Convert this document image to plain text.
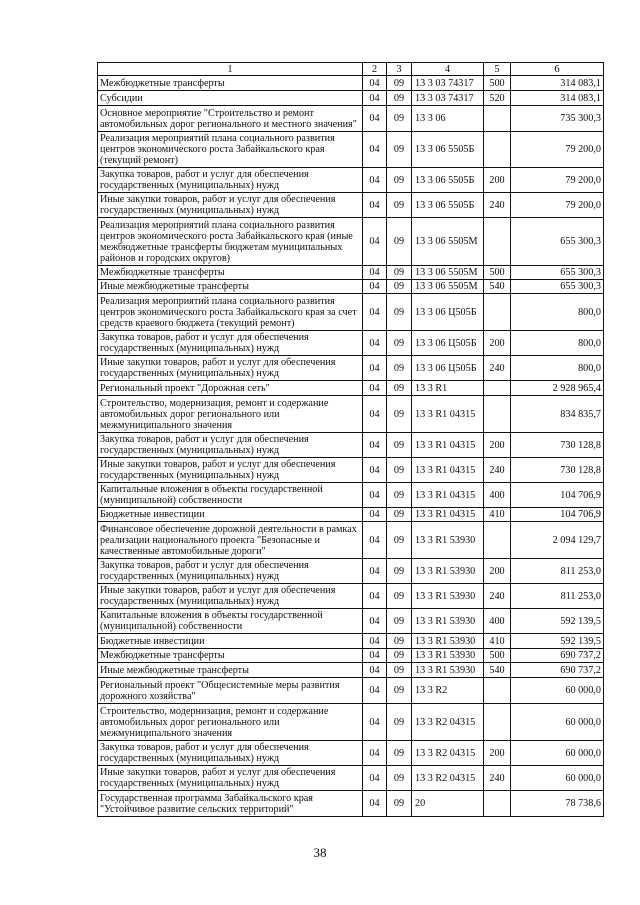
1	2	3	4	5	6
Межбюджетные трансферты	04	09	13 3 03 74317	500	314 083,1
Субсидии	04	09	13 3 03 74317	520	314 083,1
Основное мероприятие "Строительство и ремонт автомобильных дорог регионального и местного значения"	04	09	13 3 06		735 300,3
Реализация мероприятий плана социального развития центров экономического роста Забайкальского края (текущий ремонт)	04	09	13 3 06 5505Б		79 200,0
Закупка товаров, работ и услуг для обеспечения государственных (муниципальных) нужд	04	09	13 3 06 5505Б	200	79 200,0
Иные закупки товаров, работ и услуг для обеспечения государственных (муниципальных) нужд	04	09	13 3 06 5505Б	240	79 200,0
Реализация мероприятий плана социального развития центров экономического роста Забайкальского края (иные межбюджетные трансферты бюджетам муниципальных районов и городских округов)	04	09	13 3 06 5505М		655 300,3
Межбюджетные трансферты	04	09	13 3 06 5505М	500	655 300,3
Иные межбюджетные трансферты	04	09	13 3 06 5505М	540	655 300,3
Реализация мероприятий плана социального развития центров экономического роста Забайкальского края за счет средств краевого бюджета (текущий ремонт)	04	09	13 3 06 Ц505Б		800,0
Закупка товаров, работ и услуг для обеспечения государственных (муниципальных) нужд	04	09	13 3 06 Ц505Б	200	800,0
Иные закупки товаров, работ и услуг для обеспечения государственных (муниципальных) нужд	04	09	13 3 06 Ц505Б	240	800,0
Региональный проект "Дорожная сеть"	04	09	13 3 R1		2 928 965,4
Строительство, модернизация, ремонт и содержание автомобильных дорог регионального или межмуниципального значения	04	09	13 3 R1 04315		834 835,7
Закупка товаров, работ и услуг для обеспечения государственных (муниципальных) нужд	04	09	13 3 R1 04315	200	730 128,8
Иные закупки товаров, работ и услуг для обеспечения государственных (муниципальных) нужд	04	09	13 3 R1 04315	240	730 128,8
Капитальные вложения в объекты государственной (муниципальной) собственности	04	09	13 3 R1 04315	400	104 706,9
Бюджетные инвестиции	04	09	13 3 R1 04315	410	104 706,9
Финансовое обеспечение дорожной деятельности в рамках реализации национального проекта "Безопасные и качественные автомобильные дороги"	04	09	13 3 R1 53930		2 094 129,7
Закупка товаров, работ и услуг для обеспечения государственных (муниципальных) нужд	04	09	13 3 R1 53930	200	811 253,0
Иные закупки товаров, работ и услуг для обеспечения государственных (муниципальных) нужд	04	09	13 3 R1 53930	240	811 253,0
Капитальные вложения в объекты государственной (муниципальной) собственности	04	09	13 3 R1 53930	400	592 139,5
Бюджетные инвестиции	04	09	13 3 R1 53930	410	592 139,5
Межбюджетные трансферты	04	09	13 3 R1 53930	500	690 737,2
Иные межбюджетные трансферты	04	09	13 3 R1 53930	540	690 737,2
Региональный проект "Общесистемные меры развития дорожного хозяйства"	04	09	13 3 R2		60 000,0
Строительство, модернизация, ремонт и содержание автомобильных дорог регионального или межмуниципального значения	04	09	13 3 R2 04315		60 000,0
Закупка товаров, работ и услуг для обеспечения государственных (муниципальных) нужд	04	09	13 3 R2 04315	200	60 000,0
Иные закупки товаров, работ и услуг для обеспечения государственных (муниципальных) нужд	04	09	13 3 R2 04315	240	60 000,0
Государственная программа Забайкальского края "Устойчивое развитие сельских территорий"	04	09	20		78 738,6
38
